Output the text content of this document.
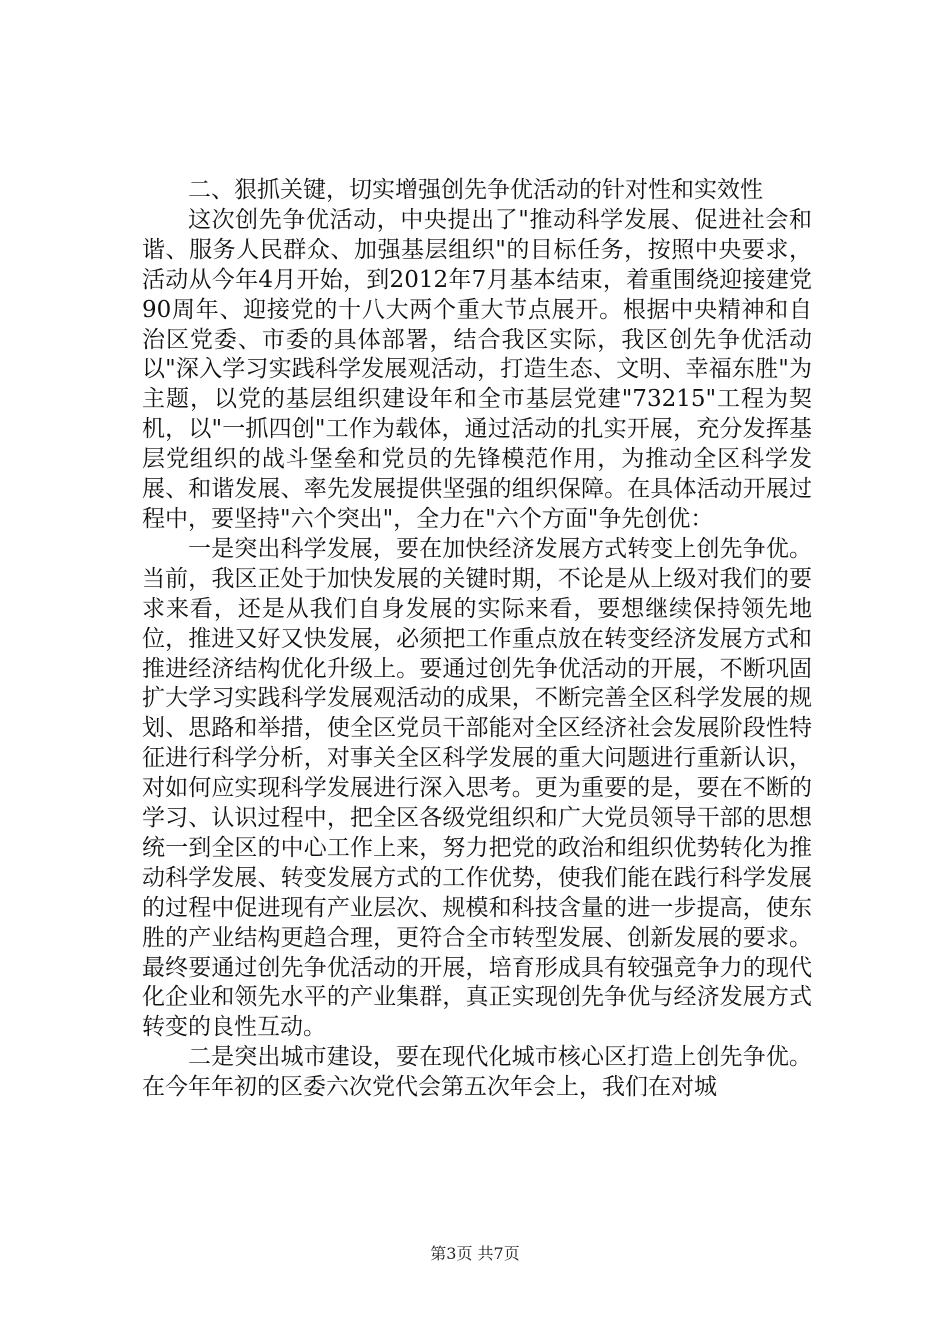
二、狠抓关键，切实增强创先争优活动的针对性和实效性

这次创先争优活动，中央提出了"推动科学发展、促进社会和谐、服务人民群众、加强基层组织"的目标任务，按照中央要求，活动从今年4月开始，到2012年7月基本结束，着重围绕迎接建党90周年、迎接党的十八大两个重大节点展开。根据中央精神和自治区党委、市委的具体部署，结合我区实际，我区创先争优活动以"深入学习实践科学发展观活动，打造生态、文明、幸福东胜"为主题，以党的基层组织建设年和全市基层党建"73215"工程为契机，以"一抓四创"工作为载体，通过活动的扎实开展，充分发挥基层党组织的战斗堡垒和党员的先锋模范作用，为推动全区科学发展、和谐发展、率先发展提供坚强的组织保障。在具体活动开展过程中，要坚持"六个突出"，全力在"六个方面"争先创优：

一是突出科学发展，要在加快经济发展方式转变上创先争优。当前，我区正处于加快发展的关键时期，不论是从上级对我们的要求来看，还是从我们自身发展的实际来看，要想继续保持领先地位，推进又好又快发展，必须把工作重点放在转变经济发展方式和推进经济结构优化升级上。要通过创先争优活动的开展，不断巩固扩大学习实践科学发展观活动的成果，不断完善全区科学发展的规划、思路和举措，使全区党员干部能对全区经济社会发展阶段性特征进行科学分析，对事关全区科学发展的重大问题进行重新认识，对如何应实现科学发展进行深入思考。更为重要的是，要在不断的学习、认识过程中，把全区各级党组织和广大党员领导干部的思想统一到全区的中心工作上来，努力把党的政治和组织优势转化为推动科学发展、转变发展方式的工作优势，使我们能在践行科学发展的过程中促进现有产业层次、规模和科技含量的进一步提高，使东胜的产业结构更趋合理，更符合全市转型发展、创新发展的要求。最终要通过创先争优活动的开展，培育形成具有较强竞争力的现代化企业和领先水平的产业集群，真正实现创先争优与经济发展方式转变的良性互动。

二是突出城市建设，要在现代化城市核心区打造上创先争优。在今年年初的区委六次党代会第五次年会上，我们在对城

第3页 共7页
